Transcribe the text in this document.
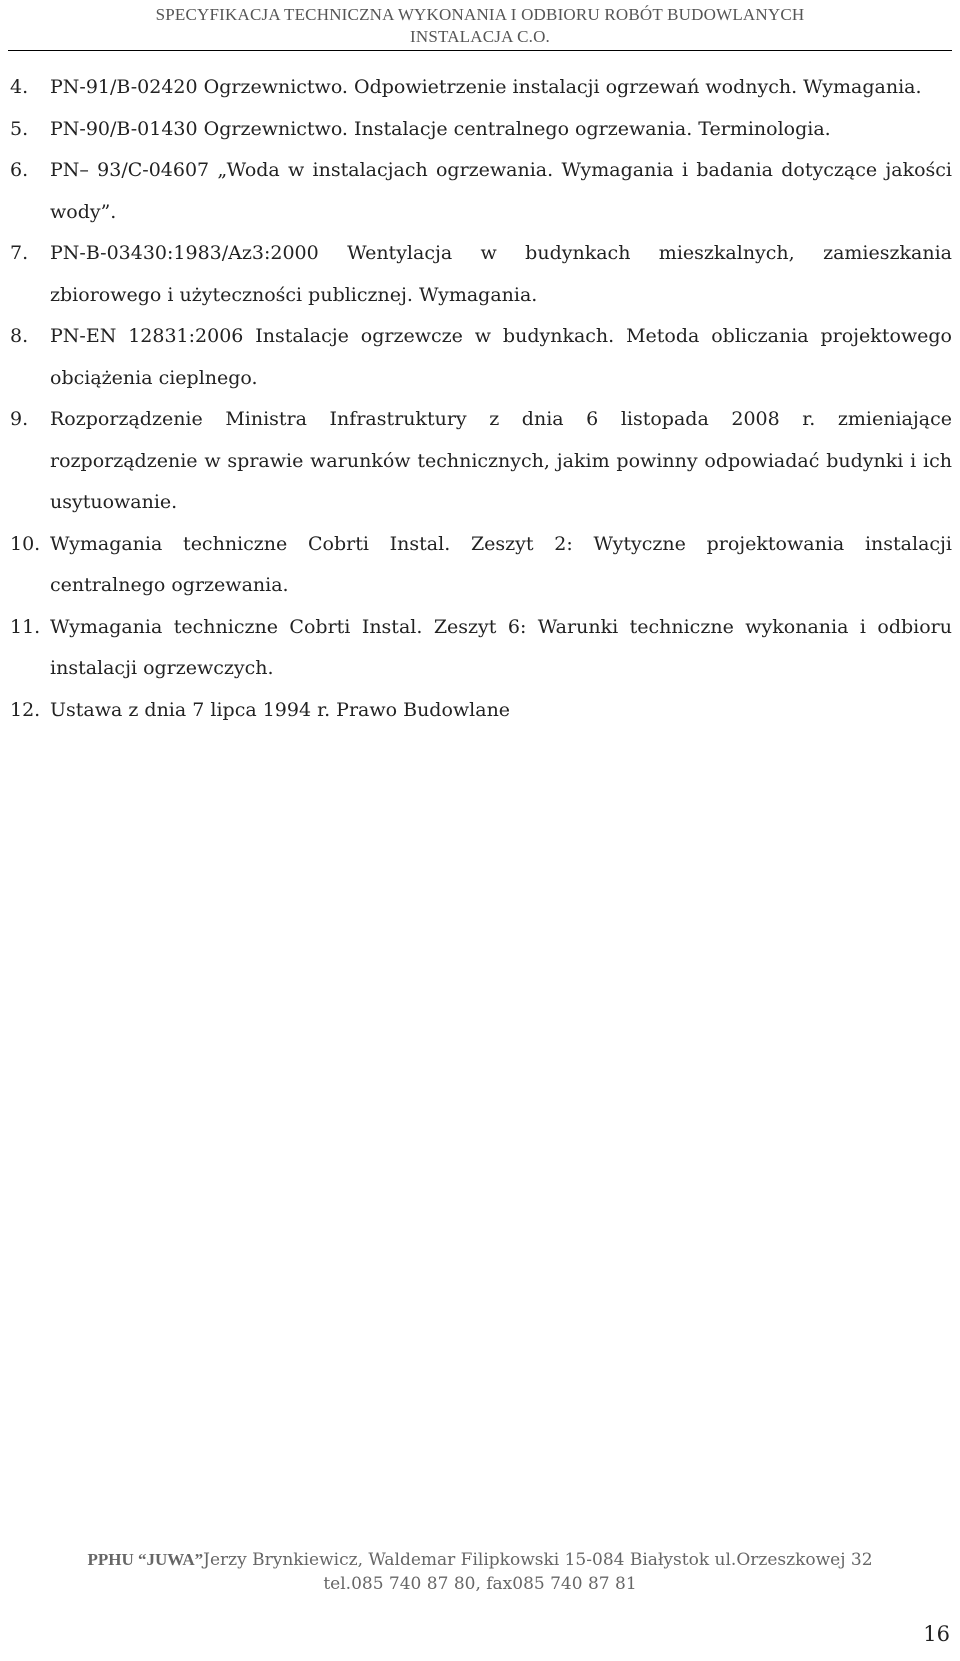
SPECYFIKACJA TECHNICZNA WYKONANIA I ODBIORU ROBÓT BUDOWLANYCH
INSTALACJA C.O.
4. PN-91/B-02420 Ogrzewnictwo. Odpowietrzenie instalacji ogrzewań wodnych. Wymagania.
5. PN-90/B-01430 Ogrzewnictwo. Instalacje centralnego ogrzewania. Terminologia.
6. PN– 93/C-04607 „Woda w instalacjach ogrzewania. Wymagania i badania dotyczące jakości wody”.
7. PN-B-03430:1983/Az3:2000 Wentylacja w budynkach mieszkalnych, zamieszkania zbiorowego i użyteczności publicznej. Wymagania.
8. PN-EN 12831:2006 Instalacje ogrzewcze w budynkach. Metoda obliczania projektowego obciążenia cieplnego.
9. Rozporządzenie Ministra Infrastruktury z dnia 6 listopada 2008 r. zmieniające rozporządzenie w sprawie warunków technicznych, jakim powinny odpowiadać budynki i ich usytuowanie.
10. Wymagania techniczne Cobrti Instal. Zeszyt 2: Wytyczne projektowania instalacji centralnego ogrzewania.
11. Wymagania techniczne Cobrti Instal. Zeszyt 6: Warunki techniczne wykonania i odbioru instalacji ogrzewczych.
12. Ustawa z dnia 7 lipca 1994 r. Prawo Budowlane
PPHU “JUWA”Jerzy Brynkiewicz, Waldemar Filipkowski 15-084 Białystok ul.Orzeszkowej 32
tel.085 740 87 80, fax085 740 87 81
16
